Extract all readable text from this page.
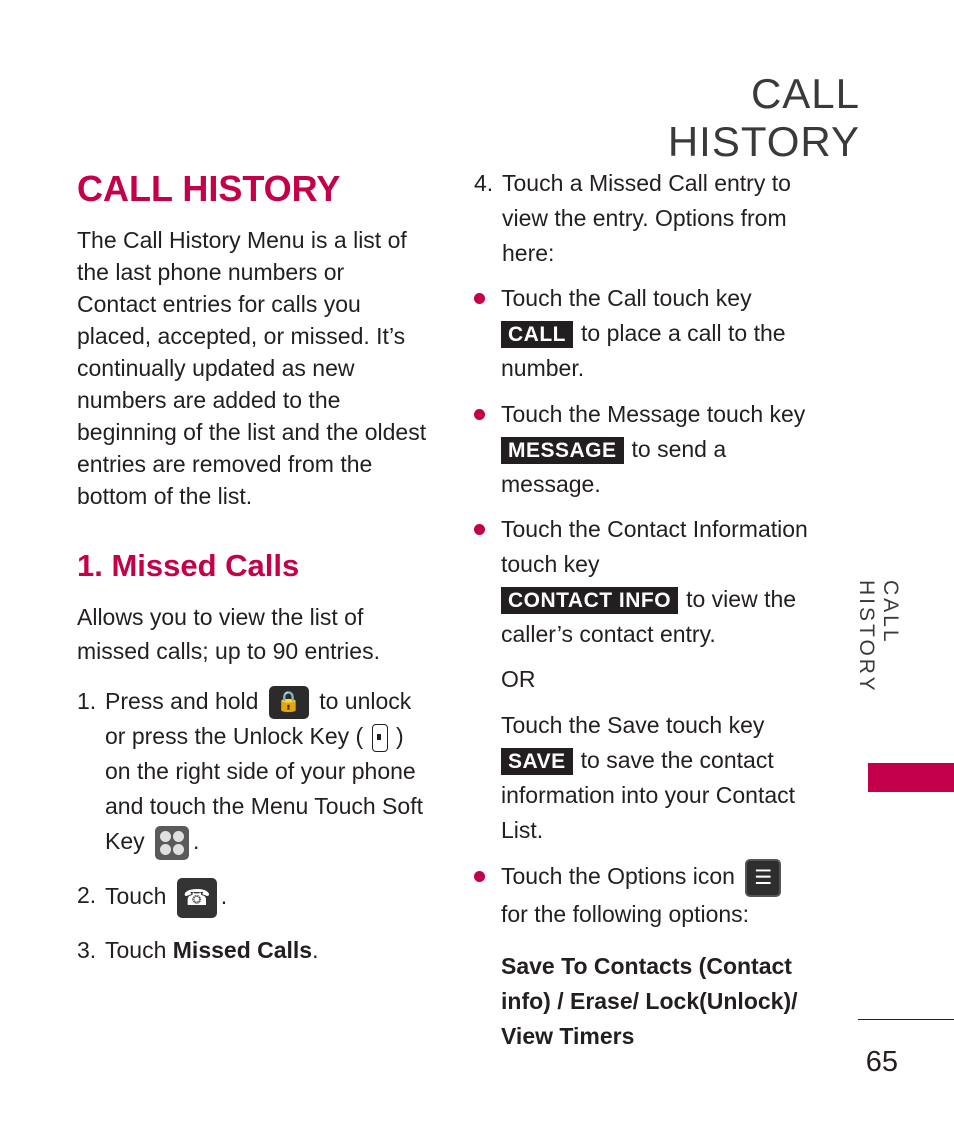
CALL HISTORY
CALL HISTORY
The Call History Menu is a list of the last phone numbers or Contact entries for calls you placed, accepted, or missed. It’s continually updated as new numbers are added to the beginning of the list and the oldest entries are removed from the bottom of the list.
1. Missed Calls
Allows you to view the list of missed calls; up to 90 entries.
1. Press and hold 🔒 to unlock or press the Unlock Key ( ) on the right side of your phone and touch the Menu Touch Soft Key .
2. Touch ☎ .
3. Touch Missed Calls.
4. Touch a Missed Call entry to view the entry. Options from here:
Touch the Call touch key
CALL to place a call to the number.
Touch the Message touch key
MESSAGE to send a message.
Touch the Contact Information touch key
CONTACT INFO to view the caller’s contact entry.
OR
Touch the Save touch key
SAVE to save the contact information into your Contact List.
Touch the Options icon ☰
for the following options:
Save To Contacts (Contact info) / Erase/ Lock(Unlock)/ View Timers
CALL HISTORY
65
